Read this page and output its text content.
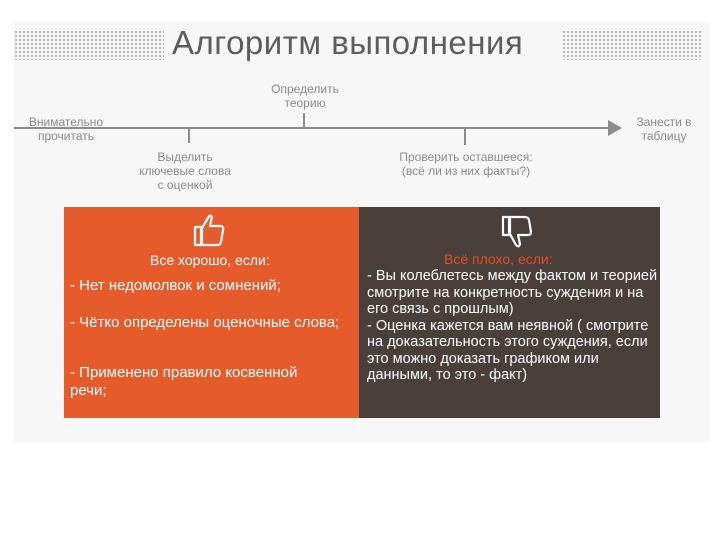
Алгоритм выполнения
Внимательно
прочитать
Выделить
ключевые слова
с оценкой
Определить
теорию
Проверить оставшееся:
(всё ли из них факты?)
Занести в
таблицу
Все хорошо, если:
- Нет недомолвок и сомнений;
- Чётко определены оценочные слова;
- Применено правило косвенной речи;
Всё плохо, если:
- Вы колеблетесь между фактом и теорией смотрите на конкретность суждения и на его связь с прошлым)
- Оценка кажется вам неявной ( смотрите на доказательность этого суждения, если это можно доказать графиком или данными, то это - факт)
